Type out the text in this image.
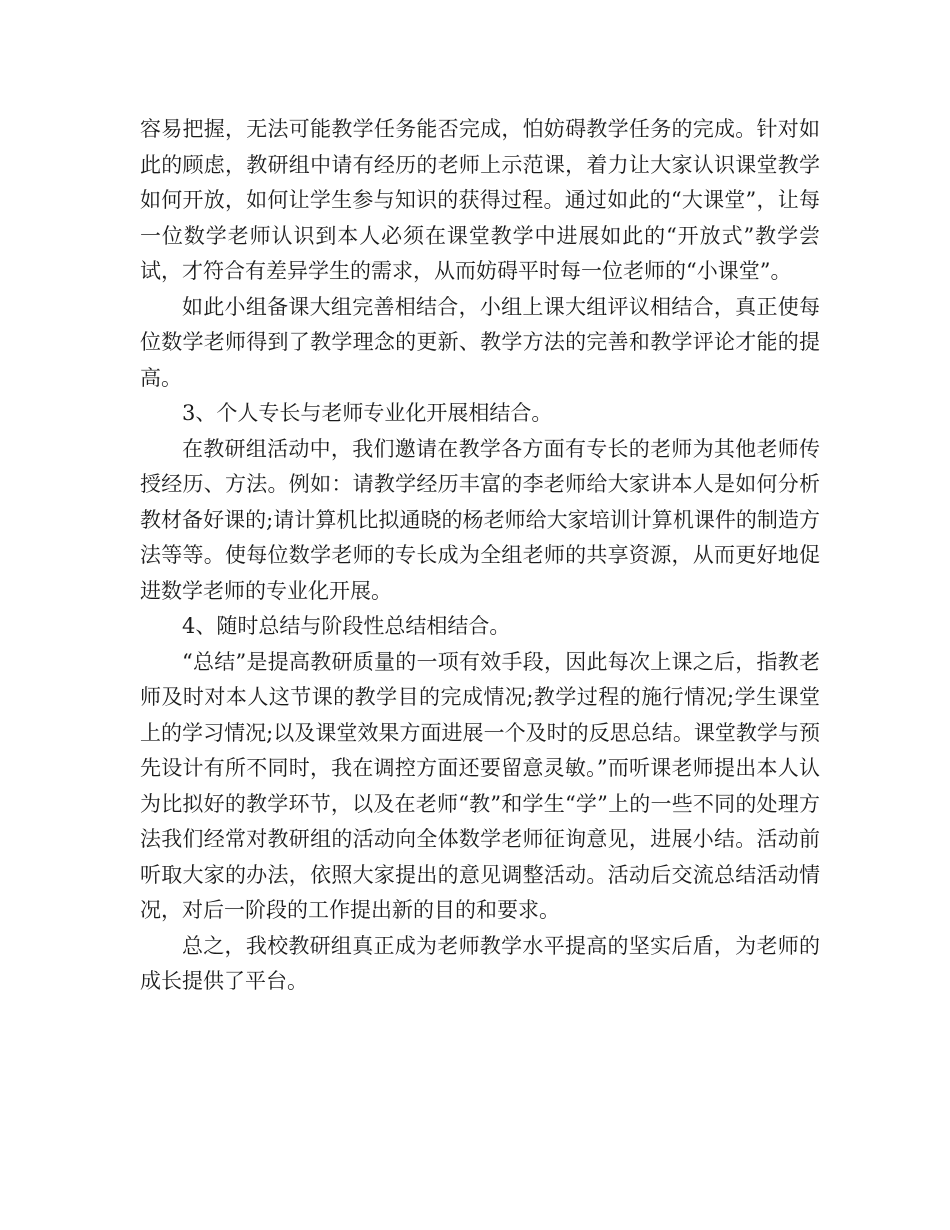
容易把握，无法可能教学任务能否完成，怕妨碍教学任务的完成。针对如此的顾虑，教研组中请有经历的老师上示范课，着力让大家认识课堂教学如何开放，如何让学生参与知识的获得过程。通过如此的“大课堂”，让每一位数学老师认识到本人必须在课堂教学中进展如此的“开放式”教学尝试，才符合有差异学生的需求，从而妨碍平时每一位老师的“小课堂”。

如此小组备课大组完善相结合，小组上课大组评议相结合，真正使每位数学老师得到了教学理念的更新、教学方法的完善和教学评论才能的提高。

3、个人专长与老师专业化开展相结合。

在教研组活动中，我们邀请在教学各方面有专长的老师为其他老师传授经历、方法。例如：请教学经历丰富的李老师给大家讲本人是如何分析教材备好课的;请计算机比拟通晓的杨老师给大家培训计算机课件的制造方法等等。使每位数学老师的专长成为全组老师的共享资源，从而更好地促进数学老师的专业化开展。

4、随时总结与阶段性总结相结合。

“总结”是提高教研质量的一项有效手段，因此每次上课之后，指教老师及时对本人这节课的教学目的完成情况;教学过程的施行情况;学生课堂上的学习情况;以及课堂效果方面进展一个及时的反思总结。课堂教学与预先设计有所不同时，我在调控方面还要留意灵敏。”而听课老师提出本人认为比拟好的教学环节，以及在老师“教”和学生“学”上的一些不同的处理方法我们经常对教研组的活动向全体数学老师征询意见，进展小结。活动前听取大家的办法，依照大家提出的意见调整活动。活动后交流总结活动情况，对后一阶段的工作提出新的目的和要求。

总之，我校教研组真正成为老师教学水平提高的坚实后盾，为老师的成长提供了平台。
